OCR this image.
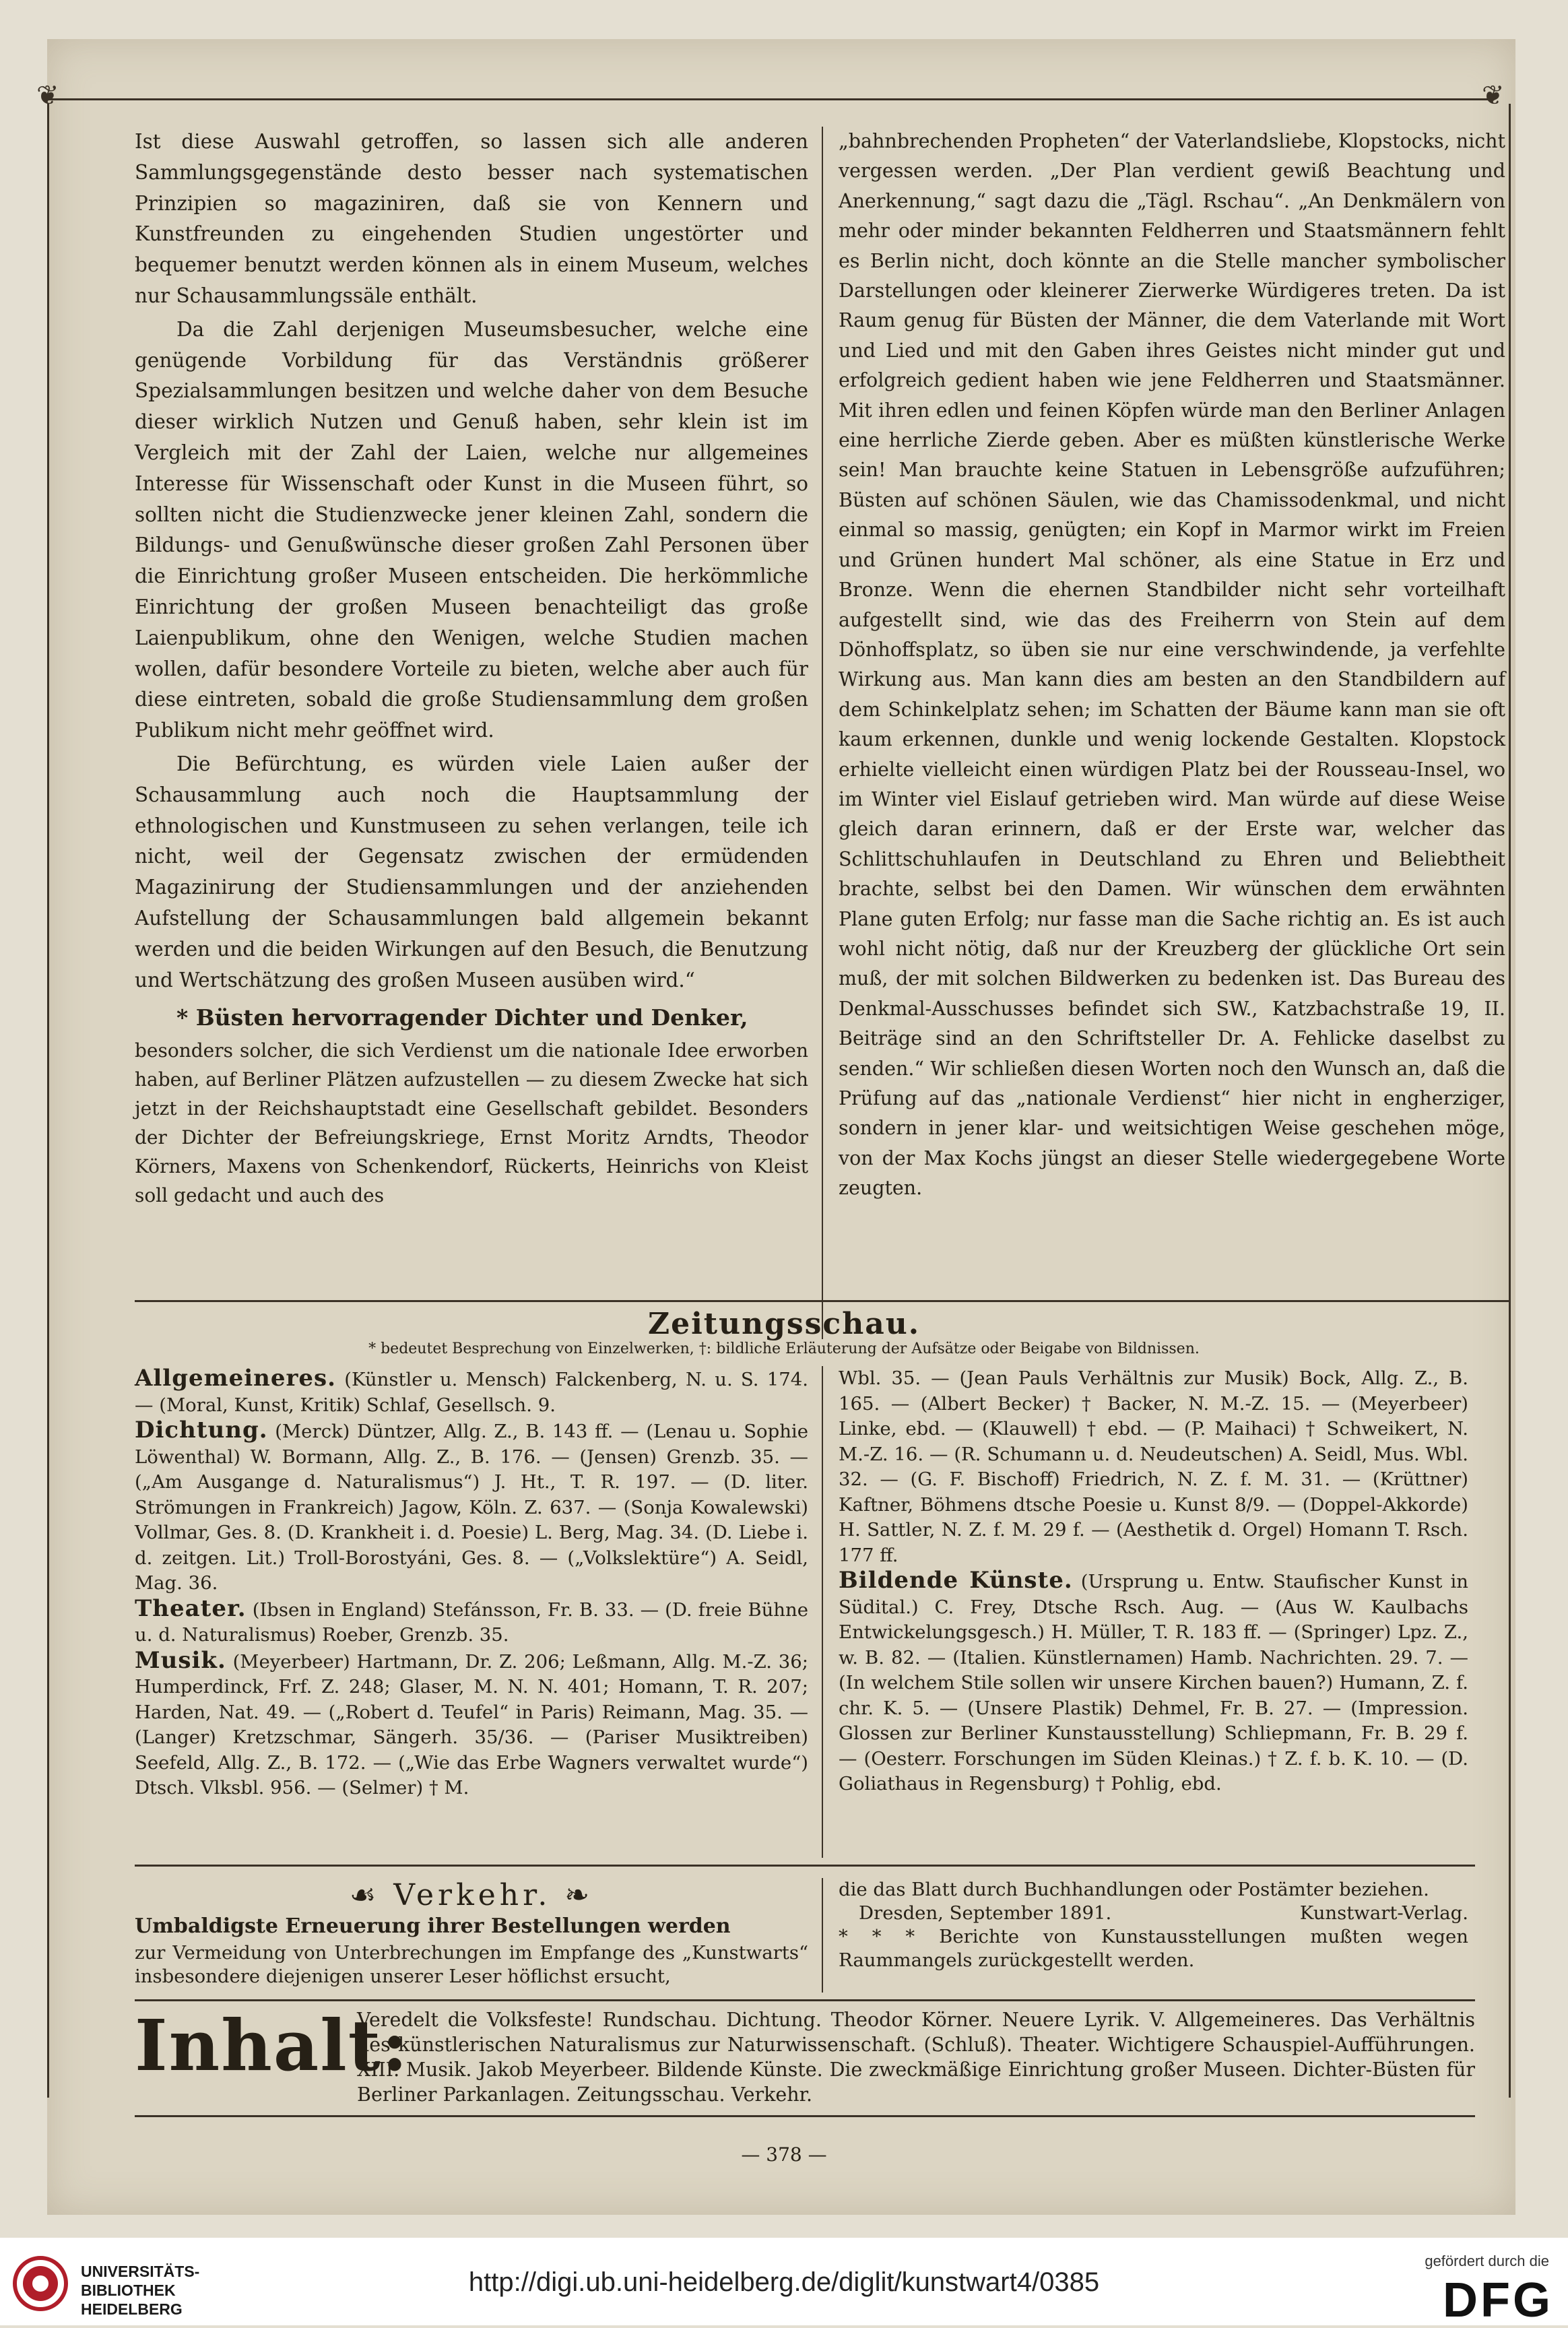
❦	❦

Ist diese Auswahl getroffen, so lassen sich alle anderen Sammlungsgegenstände desto besser nach systematischen Prinzipien so magaziniren, daß sie von Kennern und Kunstfreunden zu eingehenden Studien ungestörter und bequemer benutzt werden können als in einem Museum, welches nur Schausammlungssäle enthält.

Da die Zahl derjenigen Museumsbesucher, welche eine genügende Vorbildung für das Verständnis größerer Spezialsammlungen besitzen und welche daher von dem Besuche dieser wirklich Nutzen und Genuß haben, sehr klein ist im Vergleich mit der Zahl der Laien, welche nur allgemeines Interesse für Wissenschaft oder Kunst in die Museen führt, so sollten nicht die Studienzwecke jener kleinen Zahl, sondern die Bildungs- und Genußwünsche dieser großen Zahl Personen über die Einrichtung großer Museen entscheiden. Die herkömmliche Einrichtung der großen Museen benachteiligt das große Laienpublikum, ohne den Wenigen, welche Studien machen wollen, dafür besondere Vorteile zu bieten, welche aber auch für diese eintreten, sobald die große Studiensammlung dem großen Publikum nicht mehr geöffnet wird.

Die Befürchtung, es würden viele Laien außer der Schausammlung auch noch die Hauptsammlung der ethnologischen und Kunstmuseen zu sehen verlangen, teile ich nicht, weil der Gegensatz zwischen der ermüdenden Magazinirung der Studiensammlungen und der anziehenden Aufstellung der Schausammlungen bald allgemein bekannt werden und die beiden Wirkungen auf den Besuch, die Benutzung und Wertschätzung des großen Museen ausüben wird.“

* Büsten hervorragender Dichter und Denker,

besonders solcher, die sich Verdienst um die nationale Idee erworben haben, auf Berliner Plätzen aufzustellen — zu diesem Zwecke hat sich jetzt in der Reichshauptstadt eine Gesellschaft gebildet. Besonders der Dichter der Befreiungskriege, Ernst Moritz Arndts, Theodor Körners, Maxens von Schenkendorf, Rückerts, Heinrichs von Kleist soll gedacht und auch des

„bahnbrechenden Propheten“ der Vaterlandsliebe, Klopstocks, nicht vergessen werden. „Der Plan verdient gewiß Beachtung und Anerkennung,“ sagt dazu die „Tägl. Rschau“. „An Denkmälern von mehr oder minder bekannten Feldherren und Staatsmännern fehlt es Berlin nicht, doch könnte an die Stelle mancher symbolischer Darstellungen oder kleinerer Zierwerke Würdigeres treten. Da ist Raum genug für Büsten der Männer, die dem Vaterlande mit Wort und Lied und mit den Gaben ihres Geistes nicht minder gut und erfolgreich gedient haben wie jene Feldherren und Staatsmänner. Mit ihren edlen und feinen Köpfen würde man den Berliner Anlagen eine herrliche Zierde geben. Aber es müßten künstlerische Werke sein! Man brauchte keine Statuen in Lebensgröße aufzuführen; Büsten auf schönen Säulen, wie das Chamissodenkmal, und nicht einmal so massig, genügten; ein Kopf in Marmor wirkt im Freien und Grünen hundert Mal schöner, als eine Statue in Erz und Bronze. Wenn die ehernen Standbilder nicht sehr vorteilhaft aufgestellt sind, wie das des Freiherrn von Stein auf dem Dönhoffsplatz, so üben sie nur eine verschwindende, ja verfehlte Wirkung aus. Man kann dies am besten an den Standbildern auf dem Schinkelplatz sehen; im Schatten der Bäume kann man sie oft kaum erkennen, dunkle und wenig lockende Gestalten. Klopstock erhielte vielleicht einen würdigen Platz bei der Rousseau-Insel, wo im Winter viel Eislauf getrieben wird. Man würde auf diese Weise gleich daran erinnern, daß er der Erste war, welcher das Schlittschuhlaufen in Deutschland zu Ehren und Beliebtheit brachte, selbst bei den Damen. Wir wünschen dem erwähnten Plane guten Erfolg; nur fasse man die Sache richtig an. Es ist auch wohl nicht nötig, daß nur der Kreuzberg der glückliche Ort sein muß, der mit solchen Bildwerken zu bedenken ist. Das Bureau des Denkmal-Ausschusses befindet sich SW., Katzbachstraße 19, II. Beiträge sind an den Schriftsteller Dr. A. Fehlicke daselbst zu senden.“ Wir schließen diesen Worten noch den Wunsch an, daß die Prüfung auf das „nationale Verdienst“ hier nicht in engherziger, sondern in jener klar- und weitsichtigen Weise geschehen möge, von der Max Kochs jüngst an dieser Stelle wiedergegebene Worte zeugten.

Zeitungsschau.
* bedeutet Besprechung von Einzelwerken, †: bildliche Erläuterung der Aufsätze oder Beigabe von Bildnissen.
Allgemeineres. (Künstler u. Mensch) Falckenberg, N. u. S. 174. — (Moral, Kunst, Kritik) Schlaf, Gesellsch. 9.
Dichtung. (Merck) Düntzer, Allg. Z., B. 143 ff. — (Lenau u. Sophie Löwenthal) W. Bormann, Allg. Z., B. 176. — (Jensen) Grenzb. 35. — („Am Ausgange d. Naturalismus“) J. Ht., T. R. 197. — (D. liter. Strömungen in Frankreich) Jagow, Köln. Z. 637. — (Sonja Kowalewski) Vollmar, Ges. 8. (D. Krankheit i. d. Poesie) L. Berg, Mag. 34. (D. Liebe i. d. zeitgen. Lit.) Troll-Borostyáni, Ges. 8. — („Volkslektüre“) A. Seidl, Mag. 36.
Theater. (Ibsen in England) Stefánsson, Fr. B. 33. — (D. freie Bühne u. d. Naturalismus) Roeber, Grenzb. 35.
Musik. (Meyerbeer) Hartmann, Dr. Z. 206; Leßmann, Allg. M.-Z. 36; Humperdinck, Frf. Z. 248; Glaser, M. N. N. 401; Homann, T. R. 207; Harden, Nat. 49. — („Robert d. Teufel“ in Paris) Reimann, Mag. 35. — (Langer) Kretzschmar, Sängerh. 35/36. — (Pariser Musiktreiben) Seefeld, Allg. Z., B. 172. — („Wie das Erbe Wagners verwaltet wurde“) Dtsch. Vlksbl. 956. — (Selmer) † M.
Wbl. 35. — (Jean Pauls Verhältnis zur Musik) Bock, Allg. Z., B. 165. — (Albert Becker) † Backer, N. M.-Z. 15. — (Meyerbeer) Linke, ebd. — (Klauwell) † ebd. — (P. Maihaci) † Schweikert, N. M.-Z. 16. — (R. Schumann u. d. Neudeutschen) A. Seidl, Mus. Wbl. 32. — (G. F. Bischoff) Friedrich, N. Z. f. M. 31. — (Krüttner) Kaftner, Böhmens dtsche Poesie u. Kunst 8/9. — (Doppel-Akkorde) H. Sattler, N. Z. f. M. 29 f. — (Aesthetik d. Orgel) Homann T. Rsch. 177 ff.
Bildende Künste. (Ursprung u. Entw. Staufischer Kunst in Südital.) C. Frey, Dtsche Rsch. Aug. — (Aus W. Kaulbachs Entwickelungsgesch.) H. Müller, T. R. 183 ff. — (Springer) Lpz. Z., w. B. 82. — (Italien. Künstlernamen) Hamb. Nachrichten. 29. 7. — (In welchem Stile sollen wir unsere Kirchen bauen?) Humann, Z. f. chr. K. 5. — (Unsere Plastik) Dehmel, Fr. B. 27. — (Impression. Glossen zur Berliner Kunstausstellung) Schliepmann, Fr. B. 29 f. — (Oesterr. Forschungen im Süden Kleinas.) † Z. f. b. K. 10. — (D. Goliathaus in Regensburg) † Pohlig, ebd.
☙ Verkehr. ❧
Umbaldigste Erneuerung ihrer Bestellungen werden
zur Vermeidung von Unterbrechungen im Empfange des „Kunstwarts“ insbesondere diejenigen unserer Leser höflichst ersucht,
die das Blatt durch Buchhandlungen oder Postämter beziehen.
Dresden, September 1891.	Kunstwart-Verlag.
* * * Berichte von Kunstausstellungen mußten wegen Raummangels zurückgestellt werden.
Inhalt:
Veredelt die Volksfeste! Rundschau. Dichtung. Theodor Körner. Neuere Lyrik. V. Allgemeineres. Das Verhältnis des künstlerischen Naturalismus zur Naturwissenschaft. (Schluß). Theater. Wichtigere Schauspiel-Aufführungen. XIII. Musik. Jakob Meyerbeer. Bildende Künste. Die zweckmäßige Einrichtung großer Museen. Dichter-Büsten für Berliner Parkanlagen. Zeitungsschau. Verkehr.
— 378 —
UNIVERSITÄTS-
BIBLIOTHEK
HEIDELBERG
http://digi.ub.uni-heidelberg.de/diglit/kunstwart4/0385
gefördert durch die
DFG
